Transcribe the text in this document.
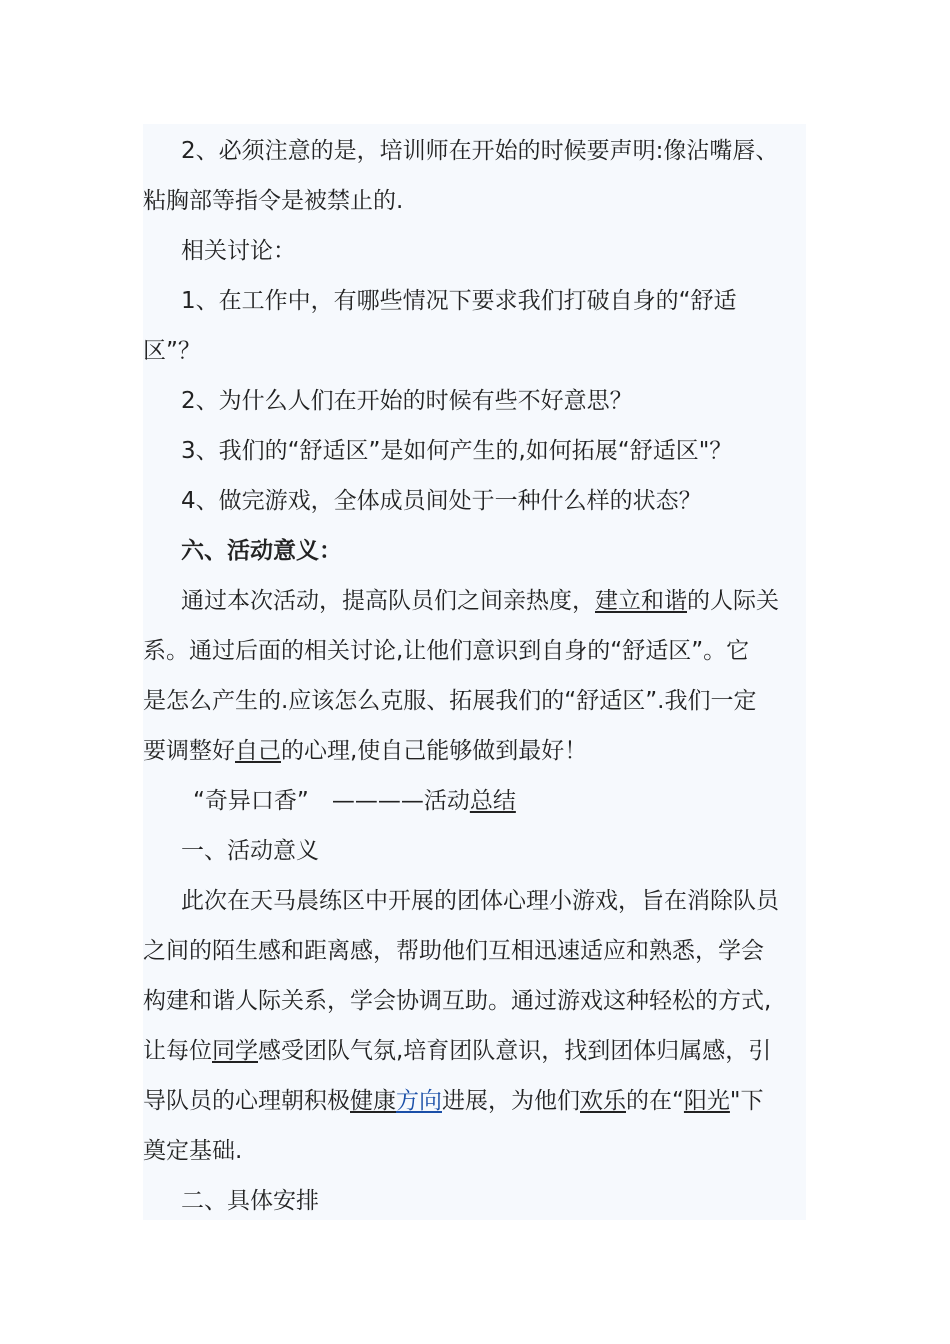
2、必须注意的是，培训师在开始的时候要声明:像沾嘴唇、
粘胸部等指令是被禁止的.
相关讨论：
1、在工作中，有哪些情况下要求我们打破自身的“舒适
区”？
2、为什么人们在开始的时候有些不好意思？
3、我们的“舒适区”是如何产生的,如何拓展“舒适区"？
4、做完游戏，全体成员间处于一种什么样的状态？
六、活动意义：
通过本次活动，提高队员们之间亲热度，建立和谐的人际关
系。通过后面的相关讨论,让他们意识到自身的“舒适区”。它
是怎么产生的.应该怎么克服、拓展我们的“舒适区”.我们一定
要调整好自己的心理,使自己能够做到最好！
“奇异口香”　————活动总结
一、活动意义
此次在天马晨练区中开展的团体心理小游戏，旨在消除队员
之间的陌生感和距离感，帮助他们互相迅速适应和熟悉，学会
构建和谐人际关系，学会协调互助。通过游戏这种轻松的方式,
让每位同学感受团队气氛,培育团队意识，找到团体归属感，引
导队员的心理朝积极健康方向进展，为他们欢乐的在“阳光"下
奠定基础.
二、具体安排
